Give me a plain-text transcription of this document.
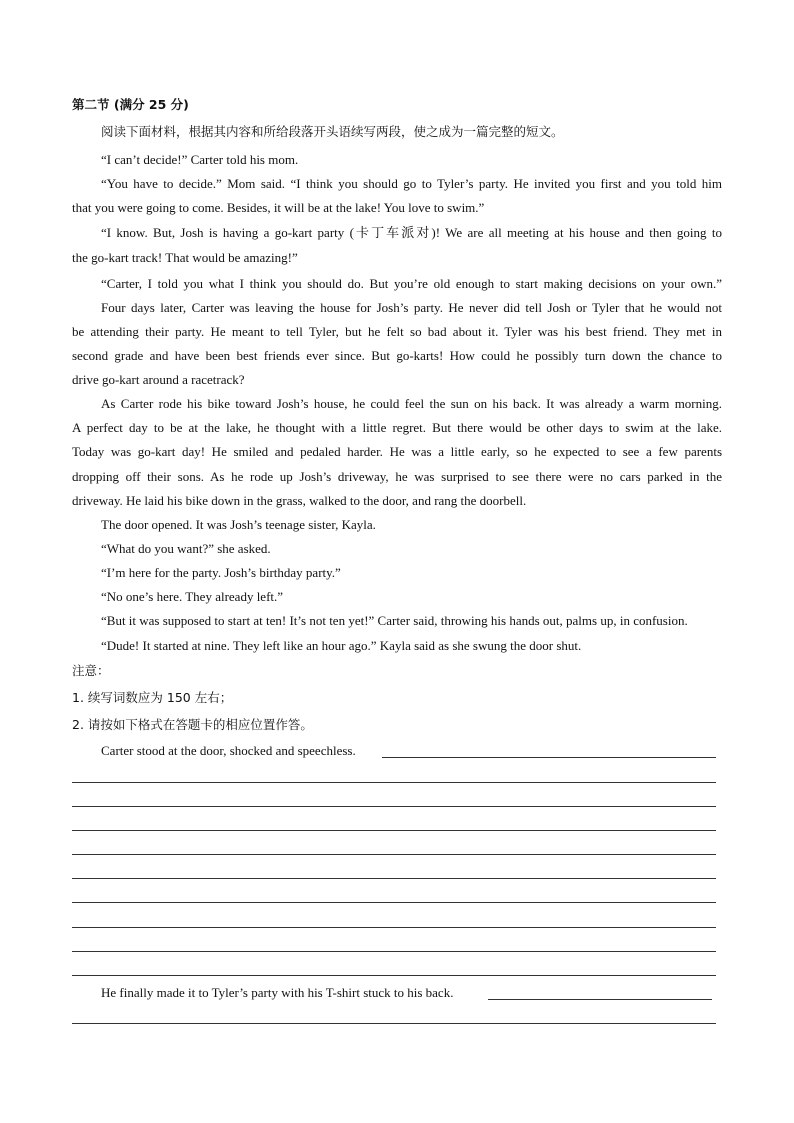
第二节 (满分 25 分)
阅读下面材料，根据其内容和所给段落开头语续写两段，使之成为一篇完整的短文。
“I can’t decide!” Carter told his mom.
“You have to decide.” Mom said. “I think you should go to Tyler’s party. He invited you first and you told him
that you were going to come. Besides, it will be at the lake! You love to swim.”
“I know. But, Josh is having a go-kart party (卡丁车派对)! We are all meeting at his house and then going to
the go-kart track! That would be amazing!”
“Carter, I told you what I think you should do. But you’re old enough to start making decisions on your own.”
Four days later, Carter was leaving the house for Josh’s party. He never did tell Josh or Tyler that he would not
be attending their party. He meant to tell Tyler, but he felt so bad about it. Tyler was his best friend. They met in
second grade and have been best friends ever since. But go-karts! How could he possibly turn down the chance to
drive go-kart around a racetrack?
As Carter rode his bike toward Josh’s house, he could feel the sun on his back. It was already a warm morning.
A perfect day to be at the lake, he thought with a little regret. But there would be other days to swim at the lake.
Today was go-kart day! He smiled and pedaled harder. He was a little early, so he expected to see a few parents
dropping off their sons. As he rode up Josh’s driveway, he was surprised to see there were no cars parked in the
driveway. He laid his bike down in the grass, walked to the door, and rang the doorbell.
The door opened. It was Josh’s teenage sister, Kayla.
“What do you want?” she asked.
“I’m here for the party. Josh’s birthday party.”
“No one’s here. They already left.”
“But it was supposed to start at ten! It’s not ten yet!” Carter said, throwing his hands out, palms up, in confusion.
“Dude! It started at nine. They left like an hour ago.” Kayla said as she swung the door shut.
注意：
1. 续写词数应为 150 左右；
2. 请按如下格式在答题卡的相应位置作答。
Carter stood at the door, shocked and speechless.
He finally made it to Tyler’s party with his T-shirt stuck to his back.
